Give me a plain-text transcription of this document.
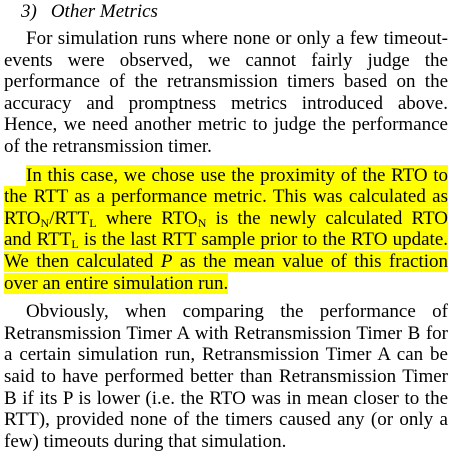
3) Other Metrics

For simulation runs where none or only a few timeout-events were observed, we cannot fairly judge the performance of the retransmission timers based on the accuracy and promptness metrics introduced above. Hence, we need another metric to judge the performance of the retransmission timer.

In this case, we chose use the proximity of the RTO to the RTT as a performance metric. This was calculated as $RTO_N/RTT_L$ where $RTO_N$ is the newly calculated RTO and $RTT_L$ is the last RTT sample prior to the RTO update. We then calculated P as the mean value of this fraction over an entire simulation run.

Obviously, when comparing the performance of Retransmission Timer A with Retransmission Timer B for a certain simulation run, Retransmission Timer A can be said to have performed better than Retransmission Timer B if its P is lower (i.e. the RTO was in mean closer to the RTT), provided none of the timers caused any (or only a few) timeouts during that simulation.
